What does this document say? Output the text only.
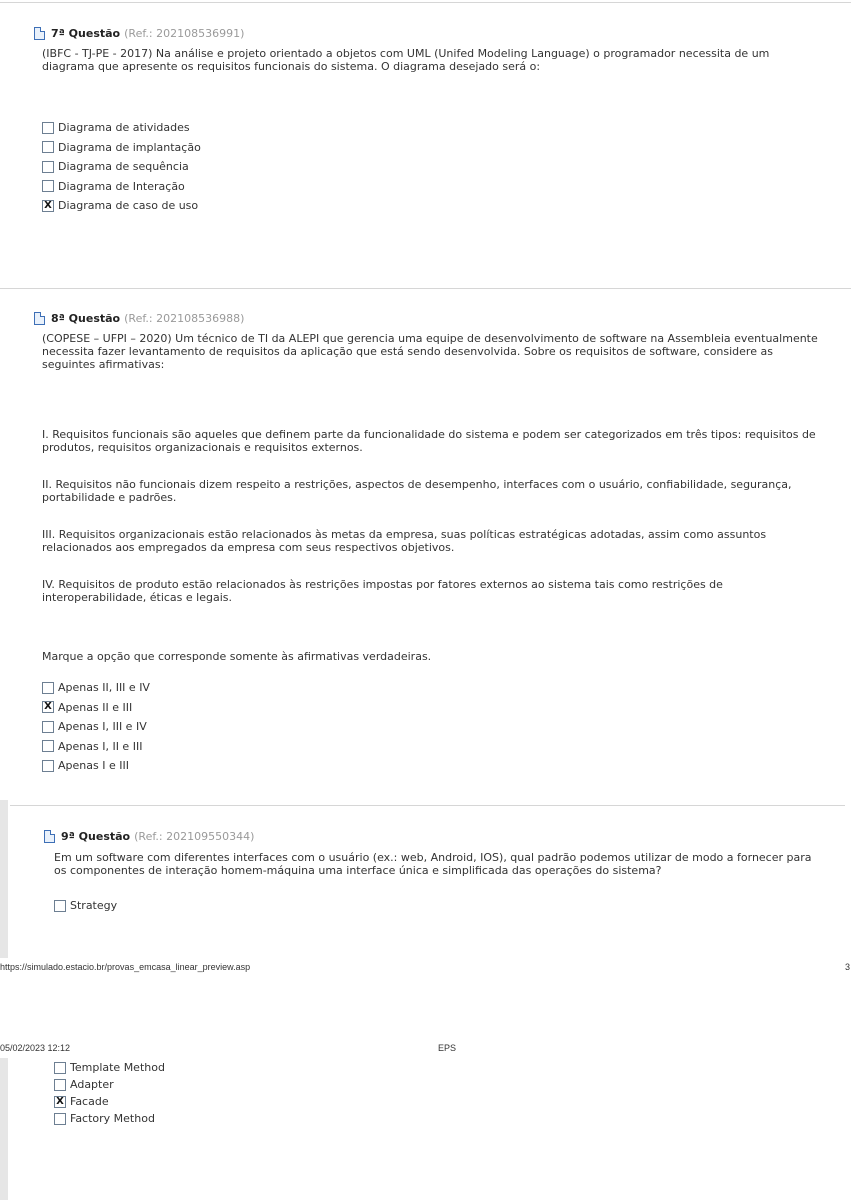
7ª Questão (Ref.: 202108536991)

(IBFC - TJ-PE - 2017) Na análise e projeto orientado a objetos com UML (Unifed Modeling Language) o programador necessita de um diagrama que apresente os requisitos funcionais do sistema. O diagrama desejado será o:

Diagrama de atividades
Diagrama de implantação
Diagrama de sequência
Diagrama de Interação
X Diagrama de caso de uso
8ª Questão (Ref.: 202108536988)

(COPESE – UFPI – 2020) Um técnico de TI da ALEPI que gerencia uma equipe de desenvolvimento de software na Assembleia eventualmente necessita fazer levantamento de requisitos da aplicação que está sendo desenvolvida. Sobre os requisitos de software, considere as seguintes afirmativas:

I. Requisitos funcionais são aqueles que definem parte da funcionalidade do sistema e podem ser categorizados em três tipos: requisitos de produtos, requisitos organizacionais e requisitos externos.

II. Requisitos não funcionais dizem respeito a restrições, aspectos de desempenho, interfaces com o usuário, confiabilidade, segurança, portabilidade e padrões.

III. Requisitos organizacionais estão relacionados às metas da empresa, suas políticas estratégicas adotadas, assim como assuntos relacionados aos empregados da empresa com seus respectivos objetivos.

IV. Requisitos de produto estão relacionados às restrições impostas por fatores externos ao sistema tais como restrições de interoperabilidade, éticas e legais.

Marque a opção que corresponde somente às afirmativas verdadeiras.

Apenas II, III e IV
X Apenas II e III
Apenas I, III e IV
Apenas I, II e III
Apenas I e III
9ª Questão (Ref.: 202109550344)

Em um software com diferentes interfaces com o usuário (ex.: web, Android, IOS), qual padrão podemos utilizar de modo a fornecer para os componentes de interação homem-máquina uma interface única e simplificada das operações do sistema?

Strategy
https://simulado.estacio.br/provas_emcasa_linear_preview.asp	3
05/02/2023 12:12	EPS
Template Method
Adapter
X Facade
Factory Method
